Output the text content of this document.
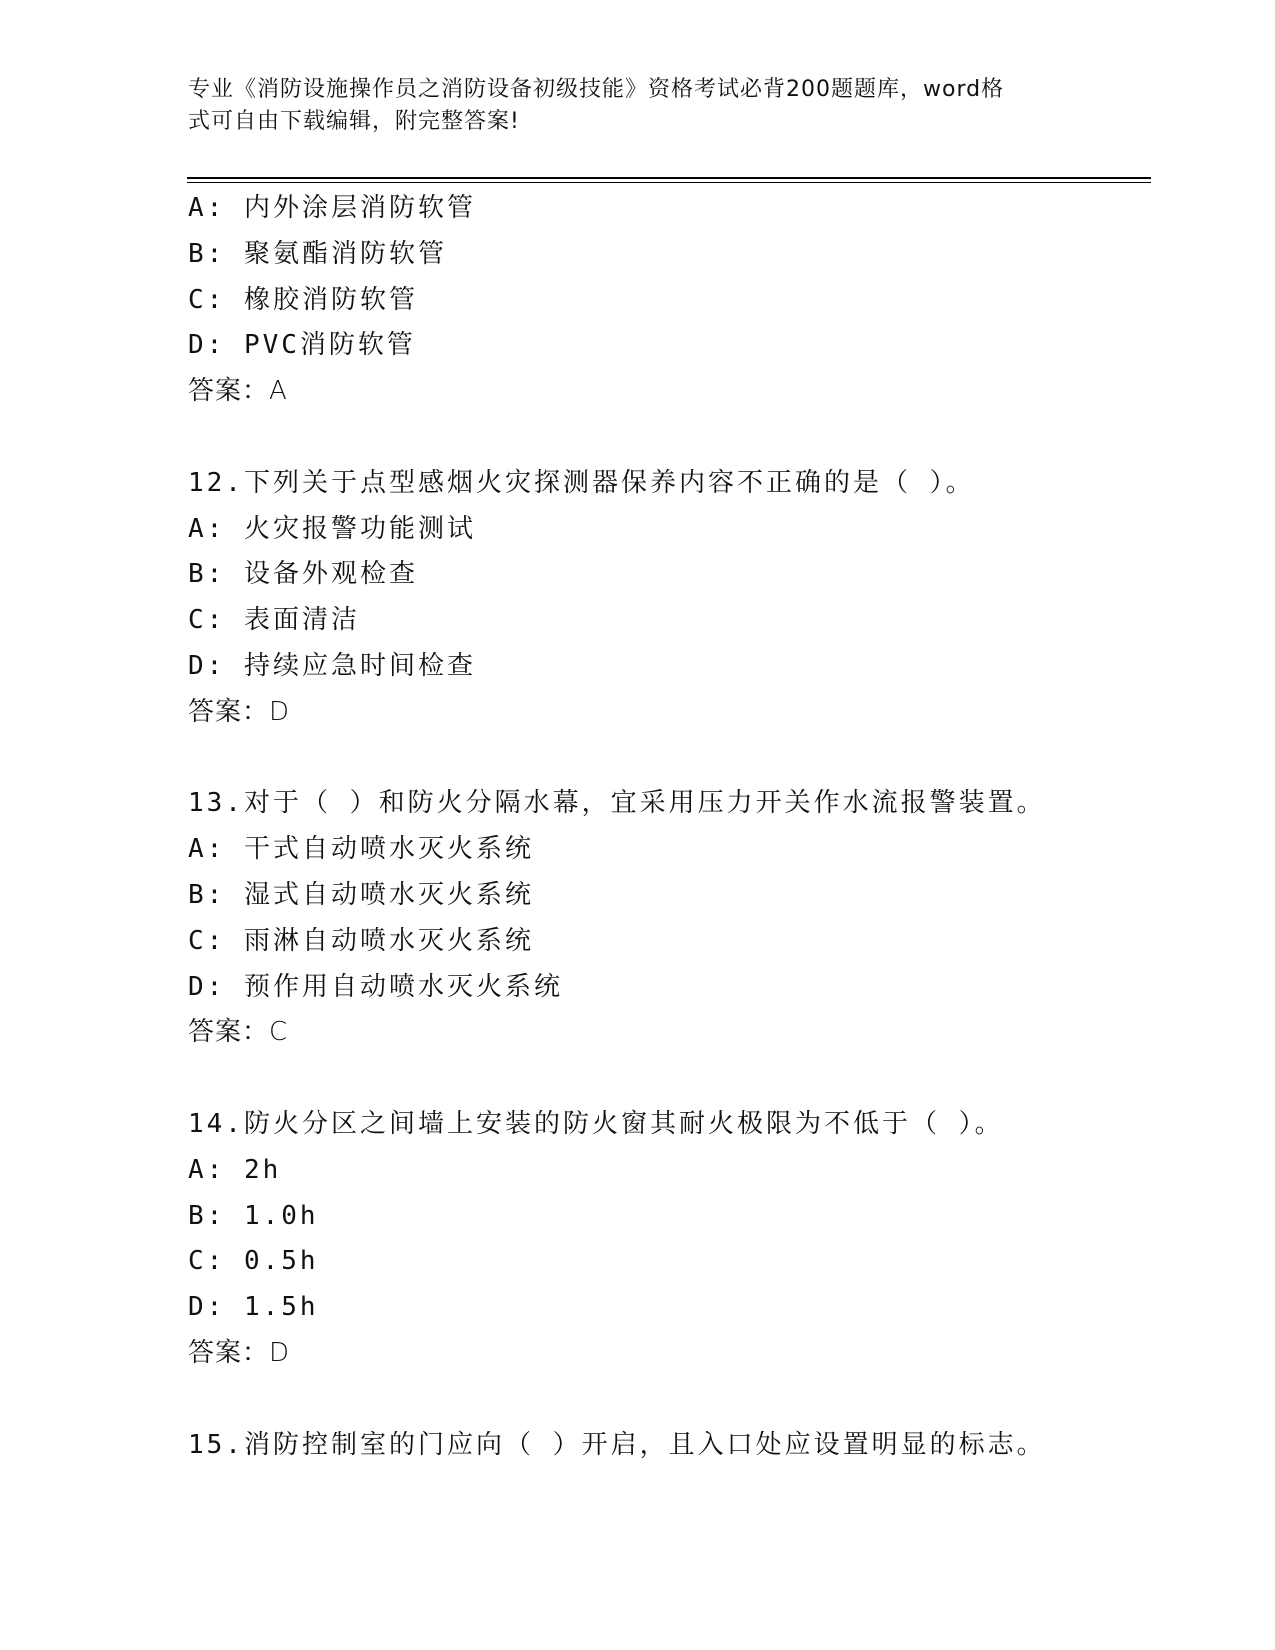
专业《消防设施操作员之消防设备初级技能》资格考试必背200题题库，word格
式可自由下载编辑，附完整答案!
A: 内外涂层消防软管
B: 聚氨酯消防软管
C: 橡胶消防软管
D: PVC消防软管
答案：A
12.下列关于点型感烟火灾探测器保养内容不正确的是（ ）。
A: 火灾报警功能测试
B: 设备外观检查
C: 表面清洁
D: 持续应急时间检查
答案：D
13.对于（ ）和防火分隔水幕，宜采用压力开关作水流报警装置。
A: 干式自动喷水灭火系统
B: 湿式自动喷水灭火系统
C: 雨淋自动喷水灭火系统
D: 预作用自动喷水灭火系统
答案：C
14.防火分区之间墙上安装的防火窗其耐火极限为不低于（ ）。
A: 2h
B: 1.0h
C: 0.5h
D: 1.5h
答案：D
15.消防控制室的门应向（ ）开启，且入口处应设置明显的标志。
